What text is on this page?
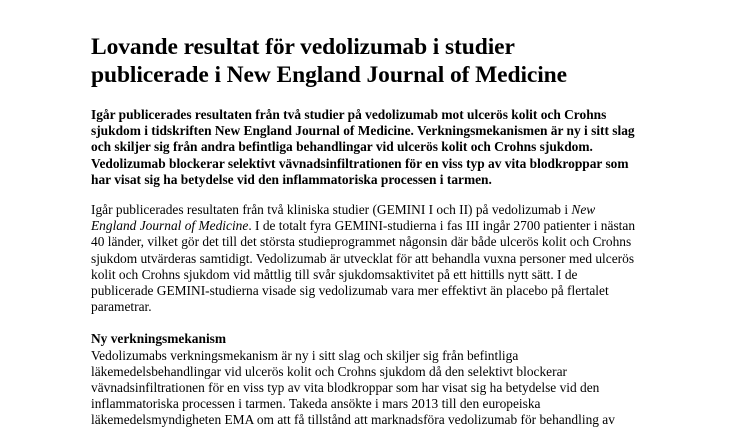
Lovande resultat för vedolizumab i studier
publicerade i New England Journal of Medicine

Igår publicerades resultaten från två studier på vedolizumab mot ulcerös kolit och Crohns
sjukdom i tidskriften New England Journal of Medicine. Verkningsmekanismen är ny i sitt slag
och skiljer sig från andra befintliga behandlingar vid ulcerös kolit och Crohns sjukdom.
Vedolizumab blockerar selektivt vävnadsinfiltrationen för en viss typ av vita blodkroppar som
har visat sig ha betydelse vid den inflammatoriska processen i tarmen.

Igår publicerades resultaten från två kliniska studier (GEMINI I och II) på vedolizumab i New
England Journal of Medicine. I de totalt fyra GEMINI-studierna i fas III ingår 2700 patienter i nästan
40 länder, vilket gör det till det största studieprogrammet någonsin där både ulcerös kolit och Crohns
sjukdom utvärderas samtidigt. Vedolizumab är utvecklat för att behandla vuxna personer med ulcerös
kolit och Crohns sjukdom vid måttlig till svår sjukdomsaktivitet på ett hittills nytt sätt. I de
publicerade GEMINI-studierna visade sig vedolizumab vara mer effektivt än placebo på flertalet
parametrar.

Ny verkningsmekanism

Vedolizumabs verkningsmekanism är ny i sitt slag och skiljer sig från befintliga
läkemedelsbehandlingar vid ulcerös kolit och Crohns sjukdom då den selektivt blockerar
vävnadsinfiltrationen för en viss typ av vita blodkroppar som har visat sig ha betydelse vid den
inflammatoriska processen i tarmen. Takeda ansökte i mars 2013 till den europeiska
läkemedelsmyndigheten EMA om att få tillstånd att marknadsföra vedolizumab för behandling av
